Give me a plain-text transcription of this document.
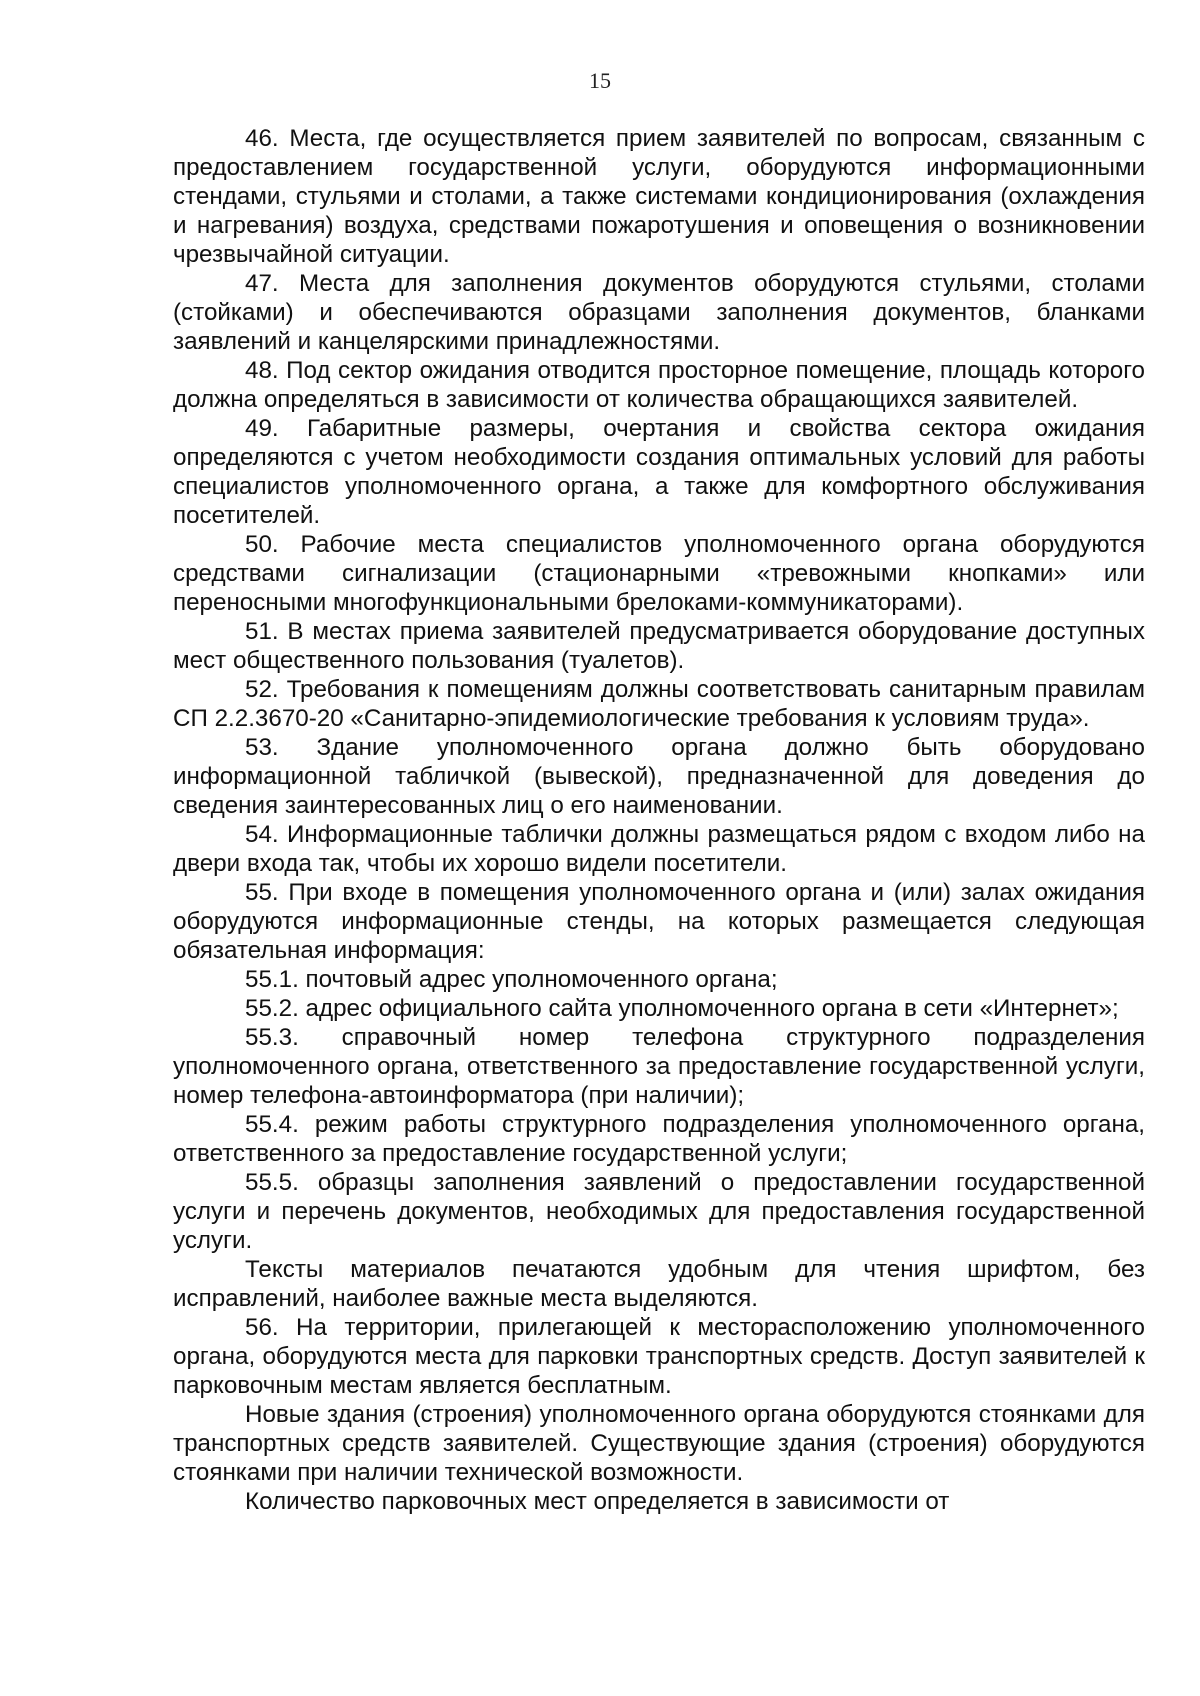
15

46. Места, где осуществляется прием заявителей по вопросам, связанным с предоставлением государственной услуги, оборудуются информационными стендами, стульями и столами, а также системами кондиционирования (охлаждения и нагревания) воздуха, средствами пожаротушения и оповещения о возникновении чрезвычайной ситуации.

47. Места для заполнения документов оборудуются стульями, столами (стойками) и обеспечиваются образцами заполнения документов, бланками заявлений и канцелярскими принадлежностями.

48. Под сектор ожидания отводится просторное помещение, площадь которого должна определяться в зависимости от количества обращающихся заявителей.

49. Габаритные размеры, очертания и свойства сектора ожидания определяются с учетом необходимости создания оптимальных условий для работы специалистов уполномоченного органа, а также для комфортного обслуживания посетителей.

50. Рабочие места специалистов уполномоченного органа оборудуются средствами сигнализации (стационарными «тревожными кнопками» или переносными многофункциональными брелоками-коммуникаторами).

51. В местах приема заявителей предусматривается оборудование доступных мест общественного пользования (туалетов).

52. Требования к помещениям должны соответствовать санитарным правилам СП 2.2.3670-20 «Санитарно-эпидемиологические требования к условиям труда».

53. Здание уполномоченного органа должно быть оборудовано информационной табличкой (вывеской), предназначенной для доведения до сведения заинтересованных лиц о его наименовании.

54. Информационные таблички должны размещаться рядом с входом либо на двери входа так, чтобы их хорошо видели посетители.

55. При входе в помещения уполномоченного органа и (или) залах ожидания оборудуются информационные стенды, на которых размещается следующая обязательная информация:

55.1. почтовый адрес уполномоченного органа;

55.2. адрес официального сайта уполномоченного органа в сети «Интернет»;

55.3. справочный номер телефона структурного подразделения уполномоченного органа, ответственного за предоставление государственной услуги, номер телефона-автоинформатора (при наличии);

55.4. режим работы структурного подразделения уполномоченного органа, ответственного за предоставление государственной услуги;

55.5. образцы заполнения заявлений о предоставлении государственной услуги и перечень документов, необходимых для предоставления государственной услуги.

Тексты материалов печатаются удобным для чтения шрифтом, без исправлений, наиболее важные места выделяются.

56. На территории, прилегающей к месторасположению уполномоченного органа, оборудуются места для парковки транспортных средств. Доступ заявителей к парковочным местам является бесплатным.

Новые здания (строения) уполномоченного органа оборудуются стоянками для транспортных средств заявителей. Существующие здания (строения) оборудуются стоянками при наличии технической возможности.

Количество парковочных мест определяется в зависимости от
